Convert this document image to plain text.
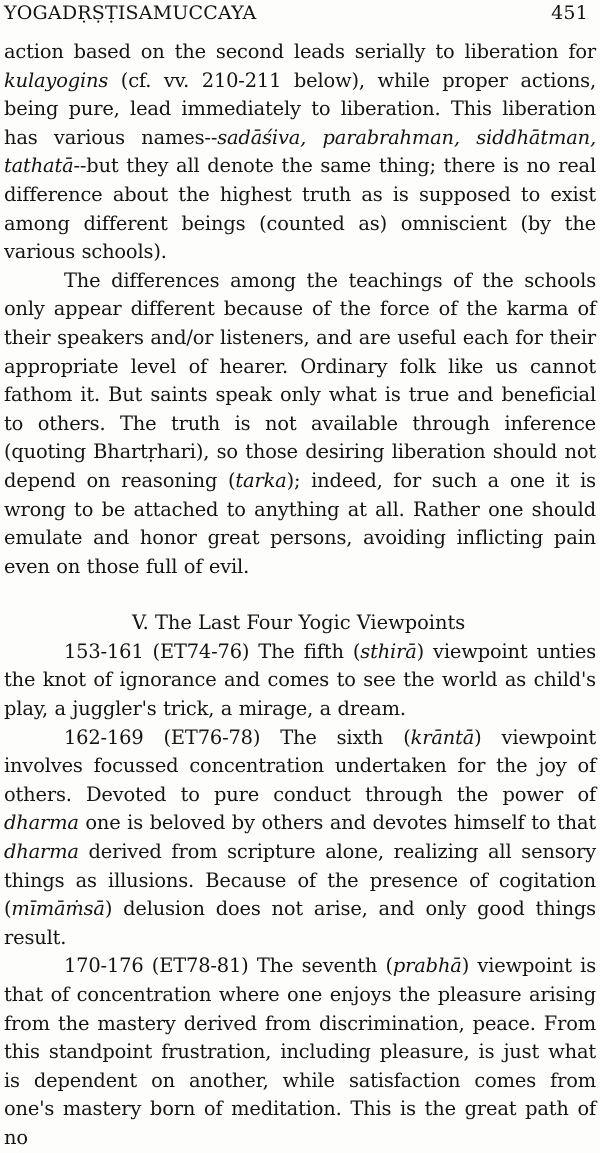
YOGADṚṢṬISAMUCCAYA	451

action based on the second leads serially to liberation for kulayogins (cf. vv. 210-211 below), while proper actions, being pure, lead immediately to liberation. This liberation has various names--sadāśiva, parabrahman, siddhātman, tathatā--but they all denote the same thing; there is no real difference about the highest truth as is supposed to exist among different beings (counted as) omniscient (by the various schools).

The differences among the teachings of the schools only appear different because of the force of the karma of their speakers and/or listeners, and are useful each for their appropriate level of hearer. Ordinary folk like us cannot fathom it. But saints speak only what is true and beneficial to others. The truth is not available through inference (quoting Bhartṛhari), so those desiring liberation should not depend on reasoning (tarka); indeed, for such a one it is wrong to be attached to anything at all. Rather one should emulate and honor great persons, avoiding inflicting pain even on those full of evil.

V. The Last Four Yogic Viewpoints

153-161 (ET74-76) The fifth (sthirā) viewpoint unties the knot of ignorance and comes to see the world as child's play, a juggler's trick, a mirage, a dream.

162-169 (ET76-78) The sixth (krāntā) viewpoint involves focussed concentration undertaken for the joy of others. Devoted to pure conduct through the power of dharma one is beloved by others and devotes himself to that dharma derived from scripture alone, realizing all sensory things as illusions. Because of the presence of cogitation (mīmāṁsā) delusion does not arise, and only good things result.

170-176 (ET78-81) The seventh (prabhā) viewpoint is that of concentration where one enjoys the pleasure arising from the mastery derived from discrimination, peace. From this standpoint frustration, including pleasure, is just what is dependent on another, while satisfaction comes from one's mastery born of meditation. This is the great path of no
